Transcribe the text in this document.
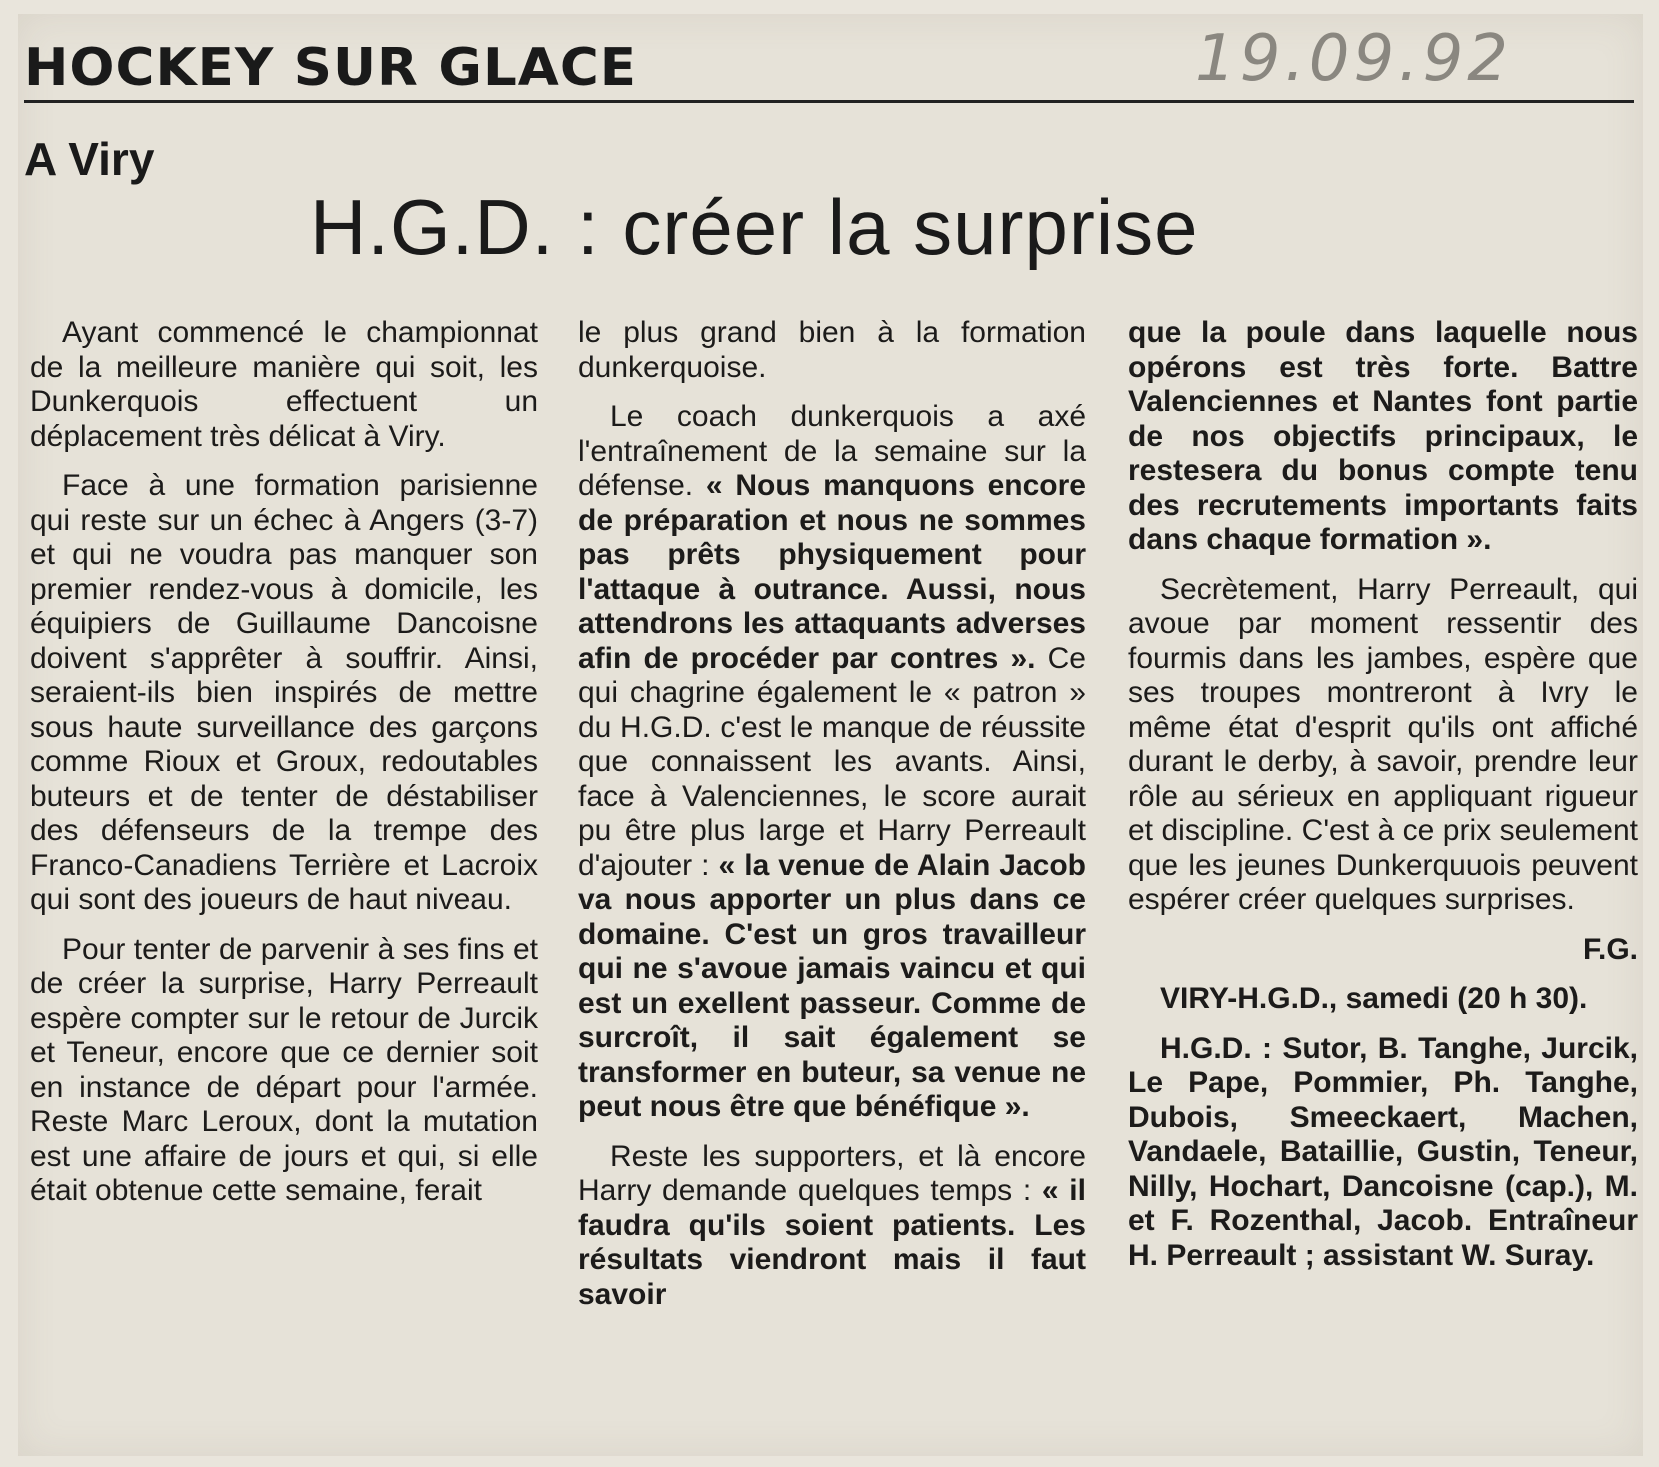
HOCKEY SUR GLACE	19.09.92
A Viry
H.G.D. : créer la surprise

Ayant commencé le championnat de la meilleure manière qui soit, les Dunkerquois effectuent un déplacement très délicat à Viry.

Face à une formation parisienne qui reste sur un échec à Angers (3-7) et qui ne voudra pas manquer son premier rendez-vous à domicile, les équipiers de Guillaume Dancoisne doivent s'apprêter à souffrir. Ainsi, seraient-ils bien inspirés de mettre sous haute surveillance des garçons comme Rioux et Groux, redoutables buteurs et de tenter de déstabiliser des défenseurs de la trempe des Franco-Canadiens Terrière et Lacroix qui sont des joueurs de haut niveau.

Pour tenter de parvenir à ses fins et de créer la surprise, Harry Perreault espère compter sur le retour de Jurcik et Teneur, encore que ce dernier soit en instance de départ pour l'armée. Reste Marc Leroux, dont la mutation est une affaire de jours et qui, si elle était obtenue cette semaine, ferait

le plus grand bien à la formation dunkerquoise.

Le coach dunkerquois a axé l'entraînement de la semaine sur la défense. « Nous manquons encore de préparation et nous ne sommes pas prêts physiquement pour l'attaque à outrance. Aussi, nous attendrons les attaquants adverses afin de procéder par contres ». Ce qui chagrine également le « patron » du H.G.D. c'est le manque de réussite que connaissent les avants. Ainsi, face à Valenciennes, le score aurait pu être plus large et Harry Perreault d'ajouter : « la venue de Alain Jacob va nous apporter un plus dans ce domaine. C'est un gros travailleur qui ne s'avoue jamais vaincu et qui est un exellent passeur. Comme de surcroît, il sait également se transformer en buteur, sa venue ne peut nous être que bénéfique ».

Reste les supporters, et là encore Harry demande quelques temps : « il faudra qu'ils soient patients. Les résultats viendront mais il faut savoir

que la poule dans laquelle nous opérons est très forte. Battre Valenciennes et Nantes font partie de nos objectifs principaux, le restesera du bonus compte tenu des recrutements importants faits dans chaque formation ».

Secrètement, Harry Perreault, qui avoue par moment ressentir des fourmis dans les jambes, espère que ses troupes montreront à Ivry le même état d'esprit qu'ils ont affiché durant le derby, à savoir, prendre leur rôle au sérieux en appliquant rigueur et discipline. C'est à ce prix seulement que les jeunes Dunkerquuois peuvent espérer créer quelques surprises.

F.G.

VIRY-H.G.D., samedi (20 h 30).

H.G.D. : Sutor, B. Tanghe, Jurcik, Le Pape, Pommier, Ph. Tanghe, Dubois, Smeeckaert, Machen, Vandaele, Bataillie, Gustin, Teneur, Nilly, Hochart, Dancoisne (cap.), M. et F. Rozenthal, Jacob. Entraîneur H. Perreault ; assistant W. Suray.
